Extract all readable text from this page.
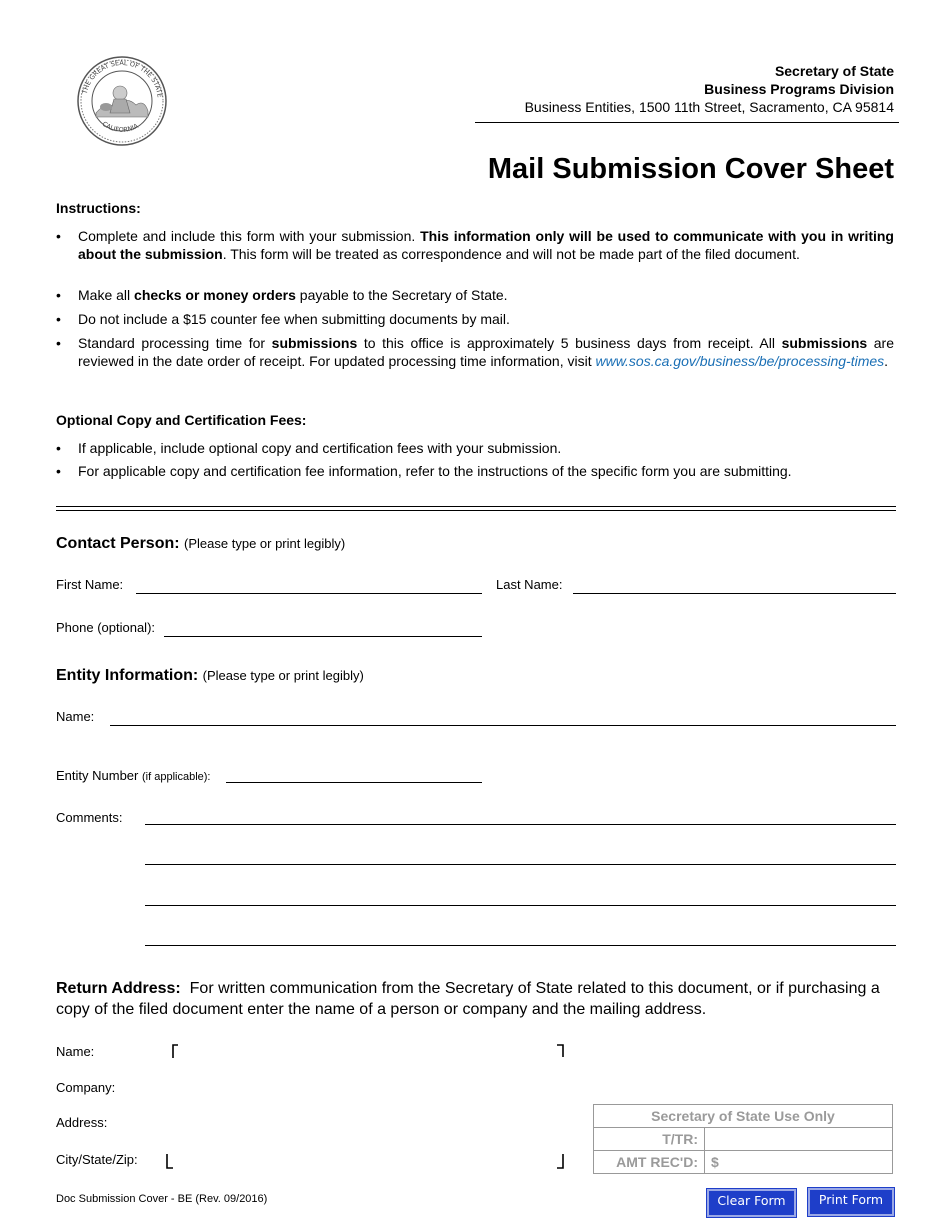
THE GREAT SEAL OF THE STATE
CALIFORNIA
Secretary of State
Business Programs Division
Business Entities, 1500 11th Street, Sacramento, CA 95814
Mail Submission Cover Sheet
Instructions:
• Complete and include this form with your submission. This information only will be used to communicate with you in writing about the submission. This form will be treated as correspondence and will not be made part of the filed document.
• Make all checks or money orders payable to the Secretary of State.
• Do not include a $15 counter fee when submitting documents by mail.
• Standard processing time for submissions to this office is approximately 5 business days from receipt. All submissions are reviewed in the date order of receipt. For updated processing time information, visit www.sos.ca.gov/business/be/processing-times.
Optional Copy and Certification Fees:
• If applicable, include optional copy and certification fees with your submission.
• For applicable copy and certification fee information, refer to the instructions of the specific form you are submitting.
Contact Person: (Please type or print legibly)
First Name:	Last Name:
Phone (optional):
Entity Information: (Please type or print legibly)
Name:
Entity Number (if applicable):
Comments:
Return Address: For written communication from the Secretary of State related to this document, or if purchasing a copy of the filed document enter the name of a person or company and the mailing address.
Name:
Company:
Address:
City/State/Zip:
Secretary of State Use Only	
T/TR:	
AMT REC'D:	$
Doc Submission Cover - BE (Rev. 09/2016)	Clear Form	Print Form
